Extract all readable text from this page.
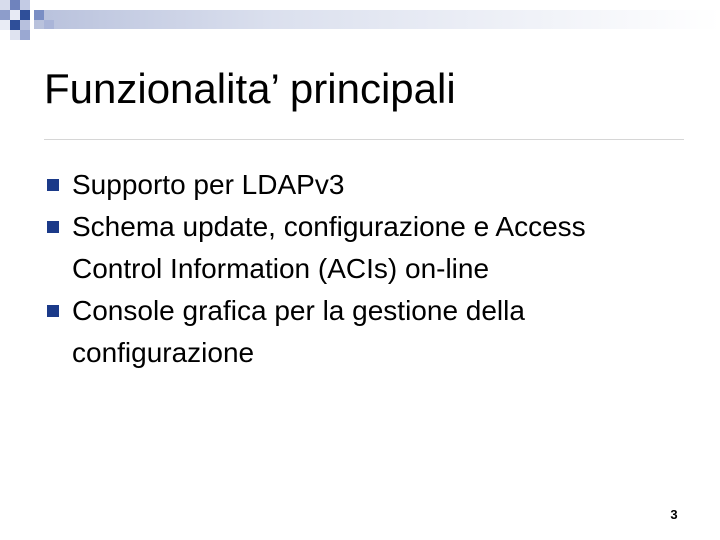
Funzionalita’ principali
Supporto per LDAPv3
Schema update, configurazione e Access Control Information (ACIs) on-line
Console grafica per la gestione della configurazione
3
